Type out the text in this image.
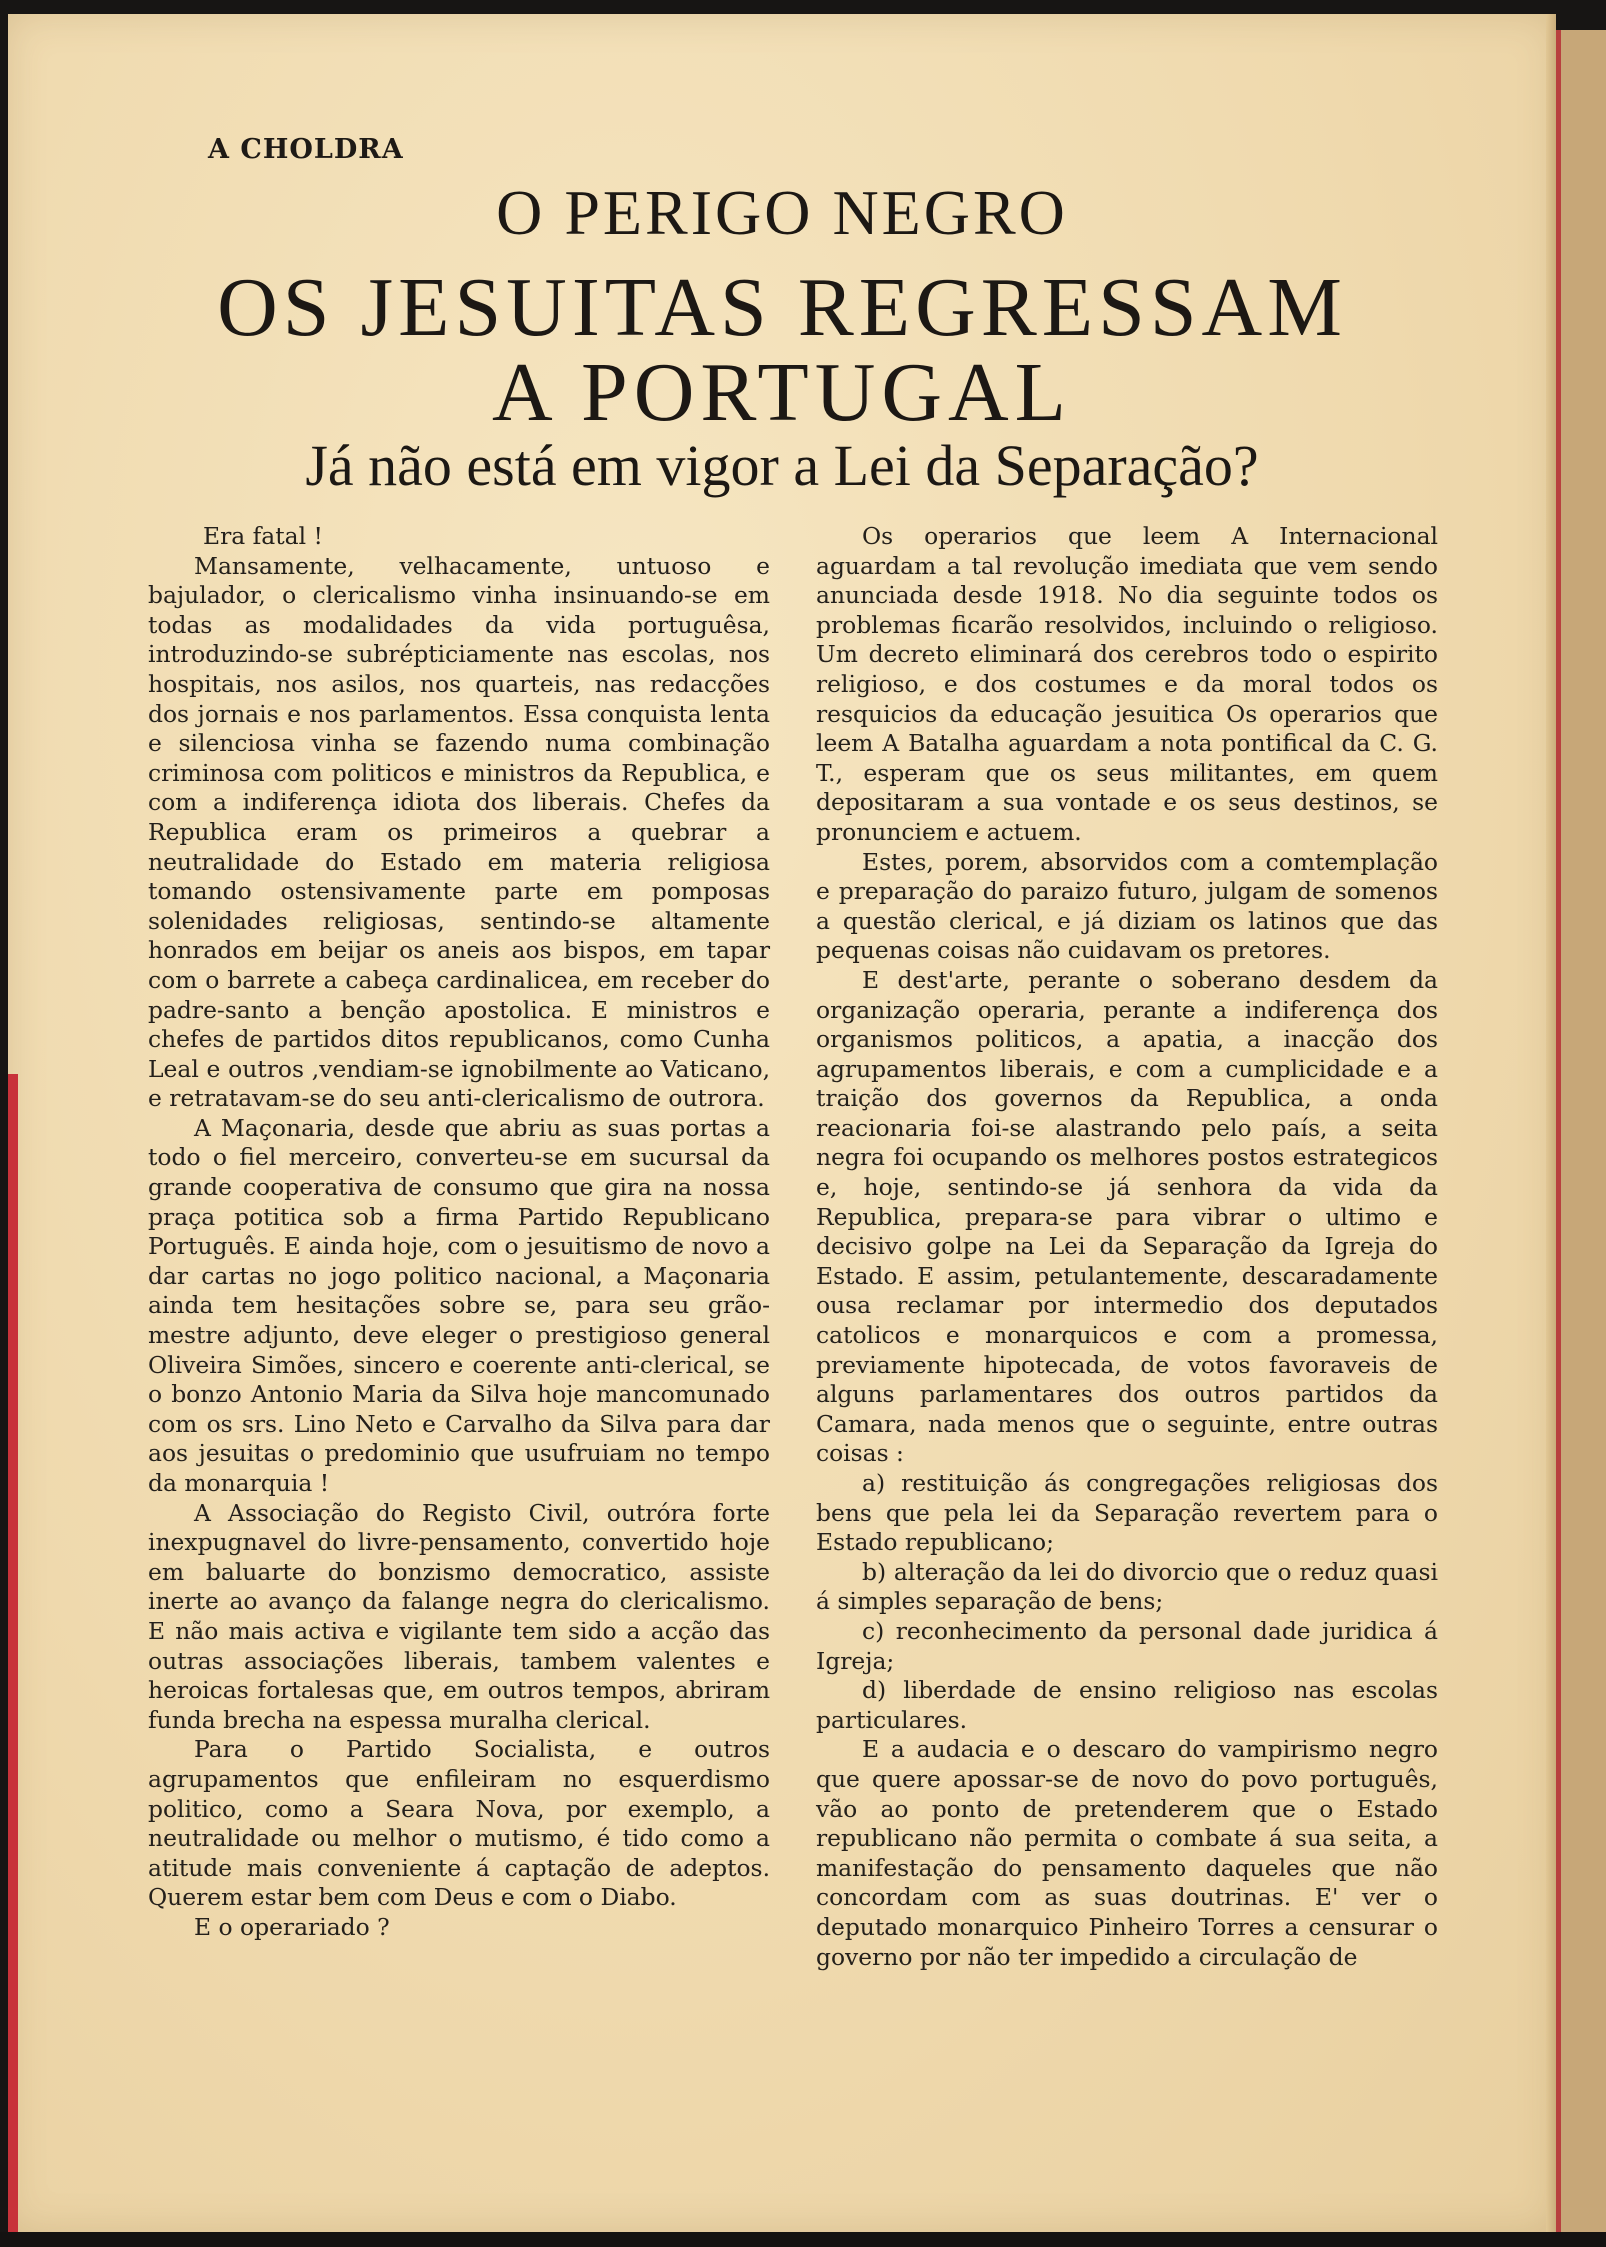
A CHOLDRA
O PERIGO NEGRO
OS JESUITAS REGRESSAM
A PORTUGAL
Já não está em vigor a Lei da Separação?

Era fatal !

Mansamente, velhacamente, untuoso e bajulador, o clericalismo vinha insinuando-se em todas as modalidades da vida portuguêsa, introduzindo-se subrépticiamente nas escolas, nos hospitais, nos asilos, nos quarteis, nas redacções dos jornais e nos parlamentos. Essa conquista lenta e silenciosa vinha se fazendo numa combinação criminosa com politicos e ministros da Republica, e com a indiferença idiota dos liberais. Chefes da Republica eram os primeiros a quebrar a neutralidade do Estado em materia religiosa tomando ostensivamente parte em pomposas solenidades religiosas, sentindo-se altamente honrados em beijar os aneis aos bispos, em tapar com o barrete a cabeça cardinalicea, em receber do padre-santo a benção apostolica. E ministros e chefes de partidos ditos republicanos, como Cunha Leal e outros ,vendiam-se ignobilmente ao Vaticano, e retratavam-se do seu anti-clericalismo de outrora.

A Maçonaria, desde que abriu as suas portas a todo o fiel merceiro, converteu-se em sucursal da grande cooperativa de consumo que gira na nossa praça potitica sob a firma Partido Republicano Português. E ainda hoje, com o jesuitismo de novo a dar cartas no jogo politico nacional, a Maçonaria ainda tem hesitações sobre se, para seu grão-mestre adjunto, deve eleger o prestigioso general Oliveira Simões, sincero e coerente anti-clerical, se o bonzo Antonio Maria da Silva hoje mancomunado com os srs. Lino Neto e Carvalho da Silva para dar aos jesuitas o predominio que usufruiam no tempo da monarquia !

A Associação do Registo Civil, outróra forte inexpugnavel do livre-pensamento, convertido hoje em baluarte do bonzismo democratico, assiste inerte ao avanço da falange negra do clericalismo. E não mais activa e vigilante tem sido a acção das outras associações liberais, tambem valentes e heroicas fortalesas que, em outros tempos, abriram funda brecha na espessa muralha clerical.

Para o Partido Socialista, e outros agrupamentos que enfileiram no esquerdismo politico, como a Seara Nova, por exemplo, a neutralidade ou melhor o mutismo, é tido como a atitude mais conveniente á captação de adeptos. Querem estar bem com Deus e com o Diabo.

E o operariado ?

Os operarios que leem A Internacional aguardam a tal revolução imediata que vem sendo anunciada desde 1918. No dia seguinte todos os problemas ficarão resolvidos, incluindo o religioso. Um decreto eliminará dos cerebros todo o espirito religioso, e dos costumes e da moral todos os resquicios da educação jesuitica Os operarios que leem A Batalha aguardam a nota pontifical da C. G. T., esperam que os seus militantes, em quem depositaram a sua vontade e os seus destinos, se pronunciem e actuem.

Estes, porem, absorvidos com a comtemplação e preparação do paraizo futuro, julgam de somenos a questão clerical, e já diziam os latinos que das pequenas coisas não cuidavam os pretores.

E dest'arte, perante o soberano desdem da organização operaria, perante a indiferença dos organismos politicos, a apatia, a inacção dos agrupamentos liberais, e com a cumplicidade e a traição dos governos da Republica, a onda reacionaria foi-se alastrando pelo país, a seita negra foi ocupando os melhores postos estrategicos e, hoje, sentindo-se já senhora da vida da Republica, prepara-se para vibrar o ultimo e decisivo golpe na Lei da Separação da Igreja do Estado. E assim, petulantemente, descaradamente ousa reclamar por intermedio dos deputados catolicos e monarquicos e com a promessa, previamente hipotecada, de votos favoraveis de alguns parlamentares dos outros partidos da Camara, nada menos que o seguinte, entre outras coisas :

a) restituição ás congregações religiosas dos bens que pela lei da Separação revertem para o Estado republicano;

b) alteração da lei do divorcio que o reduz quasi á simples separação de bens;

c) reconhecimento da personal dade juridica á Igreja;

d) liberdade de ensino religioso nas escolas particulares.

E a audacia e o descaro do vampirismo negro que quere apossar-se de novo do povo português, vão ao ponto de pretenderem que o Estado republicano não permita o combate á sua seita, a manifestação do pensamento daqueles que não concordam com as suas doutrinas. E' ver o deputado monarquico Pinheiro Torres a censurar o governo por não ter impedido a circulação de
